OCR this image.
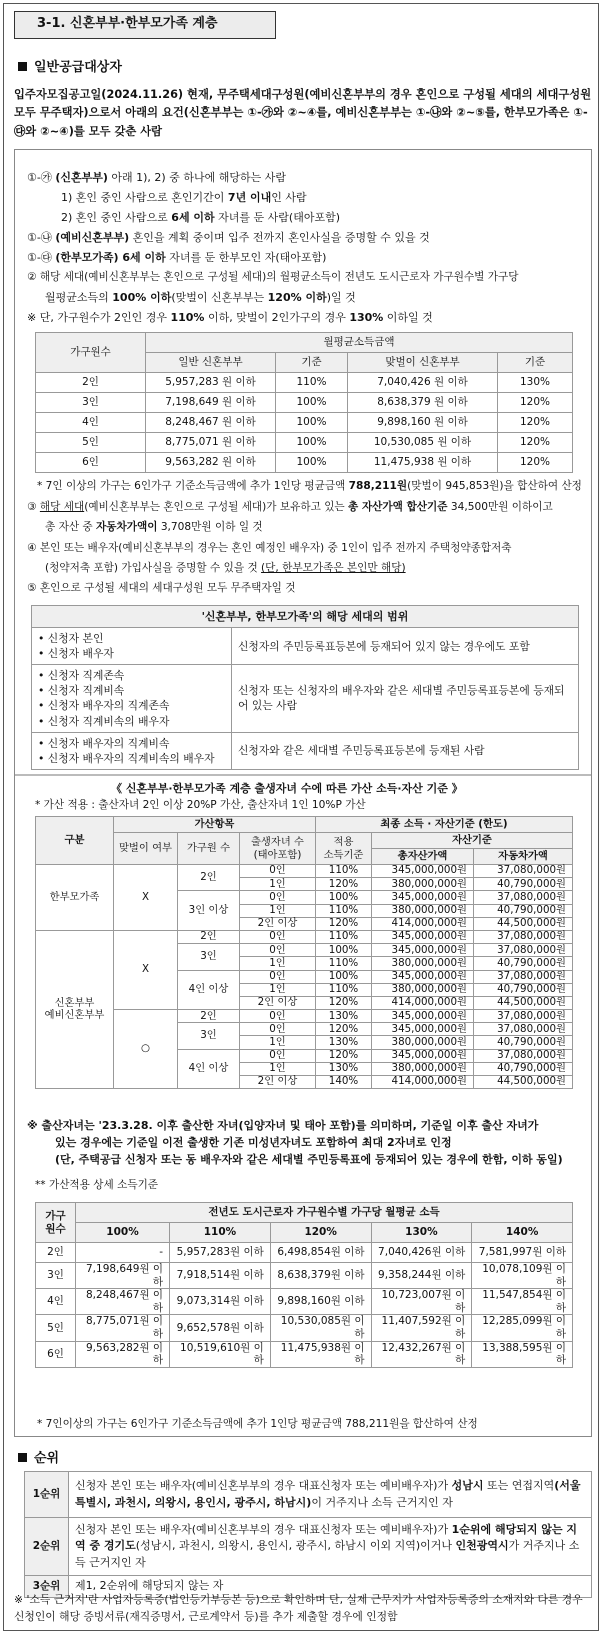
3-1. 신혼부부·한부모가족 계층
일반공급대상자
입주자모집공고일(2024.11.26) 현재, 무주택세대구성원(예비신혼부부의 경우 혼인으로 구성될 세대의 세대구성원 모두 무주택자)으로서 아래의 요건(신혼부부는 ①-㉮와 ②~④를, 예비신혼부부는 ①-㉯와 ②~⑤를, 한부모가족은 ①-㉰와 ②~④)를 모두 갖춘 사람
①-㉮ (신혼부부) 아래 1), 2) 중 하나에 해당하는 사람
1) 혼인 중인 사람으로 혼인기간이 7년 이내인 사람
2) 혼인 중인 사람으로 6세 이하 자녀를 둔 사람(태아포함)
①-㉯ (예비신혼부부) 혼인을 계획 중이며 입주 전까지 혼인사실을 증명할 수 있을 것
①-㉰ (한부모가족) 6세 이하 자녀를 둔 한부모인 자(태아포함)
② 해당 세대(예비신혼부부는 혼인으로 구성될 세대)의 월평균소득이 전년도 도시근로자 가구원수별 가구당
월평균소득의 100% 이하(맞벌이 신혼부부는 120% 이하)일 것
※ 단, 가구원수가 2인인 경우 110% 이하, 맞벌이 2인가구의 경우 130% 이하일 것
가구원수	월평균소득금액			
	일반 신혼부부	기준	맞벌이 신혼부부	기준
2인	5,957,283 원 이하	110%	7,040,426 원 이하	130%
3인	7,198,649 원 이하	100%	8,638,379 원 이하	120%
4인	8,248,467 원 이하	100%	9,898,160 원 이하	120%
5인	8,775,071 원 이하	100%	10,530,085 원 이하	120%
6인	9,563,282 원 이하	100%	11,475,938 원 이하	120%
* 7인 이상의 가구는 6인가구 기준소득금액에 추가 1인당 평균금액 788,211원(맞벌이 945,853원)을 합산하여 산정
③ 해당 세대(예비신혼부부는 혼인으로 구성될 세대)가 보유하고 있는 총 자산가액 합산기준 34,500만원 이하이고
총 자산 중 자동차가액이 3,708만원 이하 일 것
④ 본인 또는 배우자(예비신혼부부의 경우는 혼인 예정인 배우자) 중 1인이 입주 전까지 주택청약종합저축
(청약저축 포함) 가입사실을 증명할 수 있을 것 (단, 한부모가족은 본인만 해당)
⑤ 혼인으로 구성될 세대의 세대구성원 모두 무주택자일 것
'신혼부부, 한부모가족'의 해당 세대의 범위	

• 신청자 본인
• 신청자 배우자	신청자의 주민등록표등본에 등재되어 있지 않는 경우에도 포함

• 신청자 직계존속
• 신청자 직계비속
• 신청자 배우자의 직계존속
• 신청자 직계비속의 배우자	신청자 또는 신청자의 배우자와 같은 세대별 주민등록표등본에 등재되어 있는 사람

• 신청자 배우자의 직계비속
• 신청자 배우자의 직계비속의 배우자	신청자와 같은 세대별 주민등록표등본에 등재된 사람
《 신혼부부·한부모가족 계층 출생자녀 수에 따른 가산 소득·자산 기준 》
* 가산 적용 : 출산자녀 2인 이상 20%P 가산, 출산자녀 1인 10%P 가산
구분	가산항목			최종 소득 · 자산기준 (한도)		
	맞벌이 여부	가구원 수	출생자녀 수
(태아포함)	적용
소득기준	자산기준	
					총자산가액	자동차가액
한부모가족	X	2인	0인	110%	345,000,000원	37,080,000원
			1인	120%	380,000,000원	40,790,000원
		3인 이상	0인	100%	345,000,000원	37,080,000원
			1인	110%	380,000,000원	40,790,000원
			2인 이상	120%	414,000,000원	44,500,000원
신혼부부
예비신혼부부	X	2인	0인	110%	345,000,000원	37,080,000원
		3인	0인	100%	345,000,000원	37,080,000원
			1인	110%	380,000,000원	40,790,000원
		4인 이상	0인	100%	345,000,000원	37,080,000원
			1인	110%	380,000,000원	40,790,000원
			2인 이상	120%	414,000,000원	44,500,000원
	○	2인	0인	130%	345,000,000원	37,080,000원
		3인	0인	120%	345,000,000원	37,080,000원
			1인	130%	380,000,000원	40,790,000원
		4인 이상	0인	120%	345,000,000원	37,080,000원
			1인	130%	380,000,000원	40,790,000원
			2인 이상	140%	414,000,000원	44,500,000원
※ 출산자녀는 '23.3.28. 이후 출산한 자녀(입양자녀 및 태아 포함)를 의미하며, 기준일 이후 출산 자녀가
있는 경우에는 기준일 이전 출생한 기존 미성년자녀도 포함하여 최대 2자녀로 인정
(단, 주택공급 신청자 또는 동 배우자와 같은 세대별 주민등록표에 등재되어 있는 경우에 한함, 이하 동일)
** 가산적용 상세 소득기준
가구
원수	전년도 도시근로자 가구원수별 가구당 월평균 소득				
	100%	110%	120%	130%	140%
2인	-	5,957,283원 이하	6,498,854원 이하	7,040,426원 이하	7,581,997원 이하
3인	7,198,649원 이하	7,918,514원 이하	8,638,379원 이하	9,358,244원 이하	10,078,109원 이하
4인	8,248,467원 이하	9,073,314원 이하	9,898,160원 이하	10,723,007원 이하	11,547,854원 이하
5인	8,775,071원 이하	9,652,578원 이하	10,530,085원 이하	11,407,592원 이하	12,285,099원 이하
6인	9,563,282원 이하	10,519,610원 이하	11,475,938원 이하	12,432,267원 이하	13,388,595원 이하
* 7인이상의 가구는 6인가구 기준소득금액에 추가 1인당 평균금액 788,211원을 합산하여 산정
순위
1순위	신청자 본인 또는 배우자(예비신혼부부의 경우 대표신청자 또는 예비배우자)가 성남시 또는 연접지역(서울특별시, 과천시, 의왕시, 용인시, 광주시, 하남시)이 거주지나 소득 근거지인 자
2순위	신청자 본인 또는 배우자(예비신혼부부의 경우 대표신청자 또는 예비배우자)가 1순위에 해당되지 않는 지역 중 경기도(성남시, 과천시, 의왕시, 용인시, 광주시, 하남시 이외 지역)이거나 인천광역시가 거주지나 소득 근거지인 자
3순위	제1, 2순위에 해당되지 않는 자
※ '소득 근거지'란 사업자등록증(법인등기부등본 등)으로 확인하며 단, 실제 근무지가 사업자등록증의 소재지와 다른 경우 신청인이 해당 증빙서류(재직증명서, 근로계약서 등)를 추가 제출할 경우에 인정함
